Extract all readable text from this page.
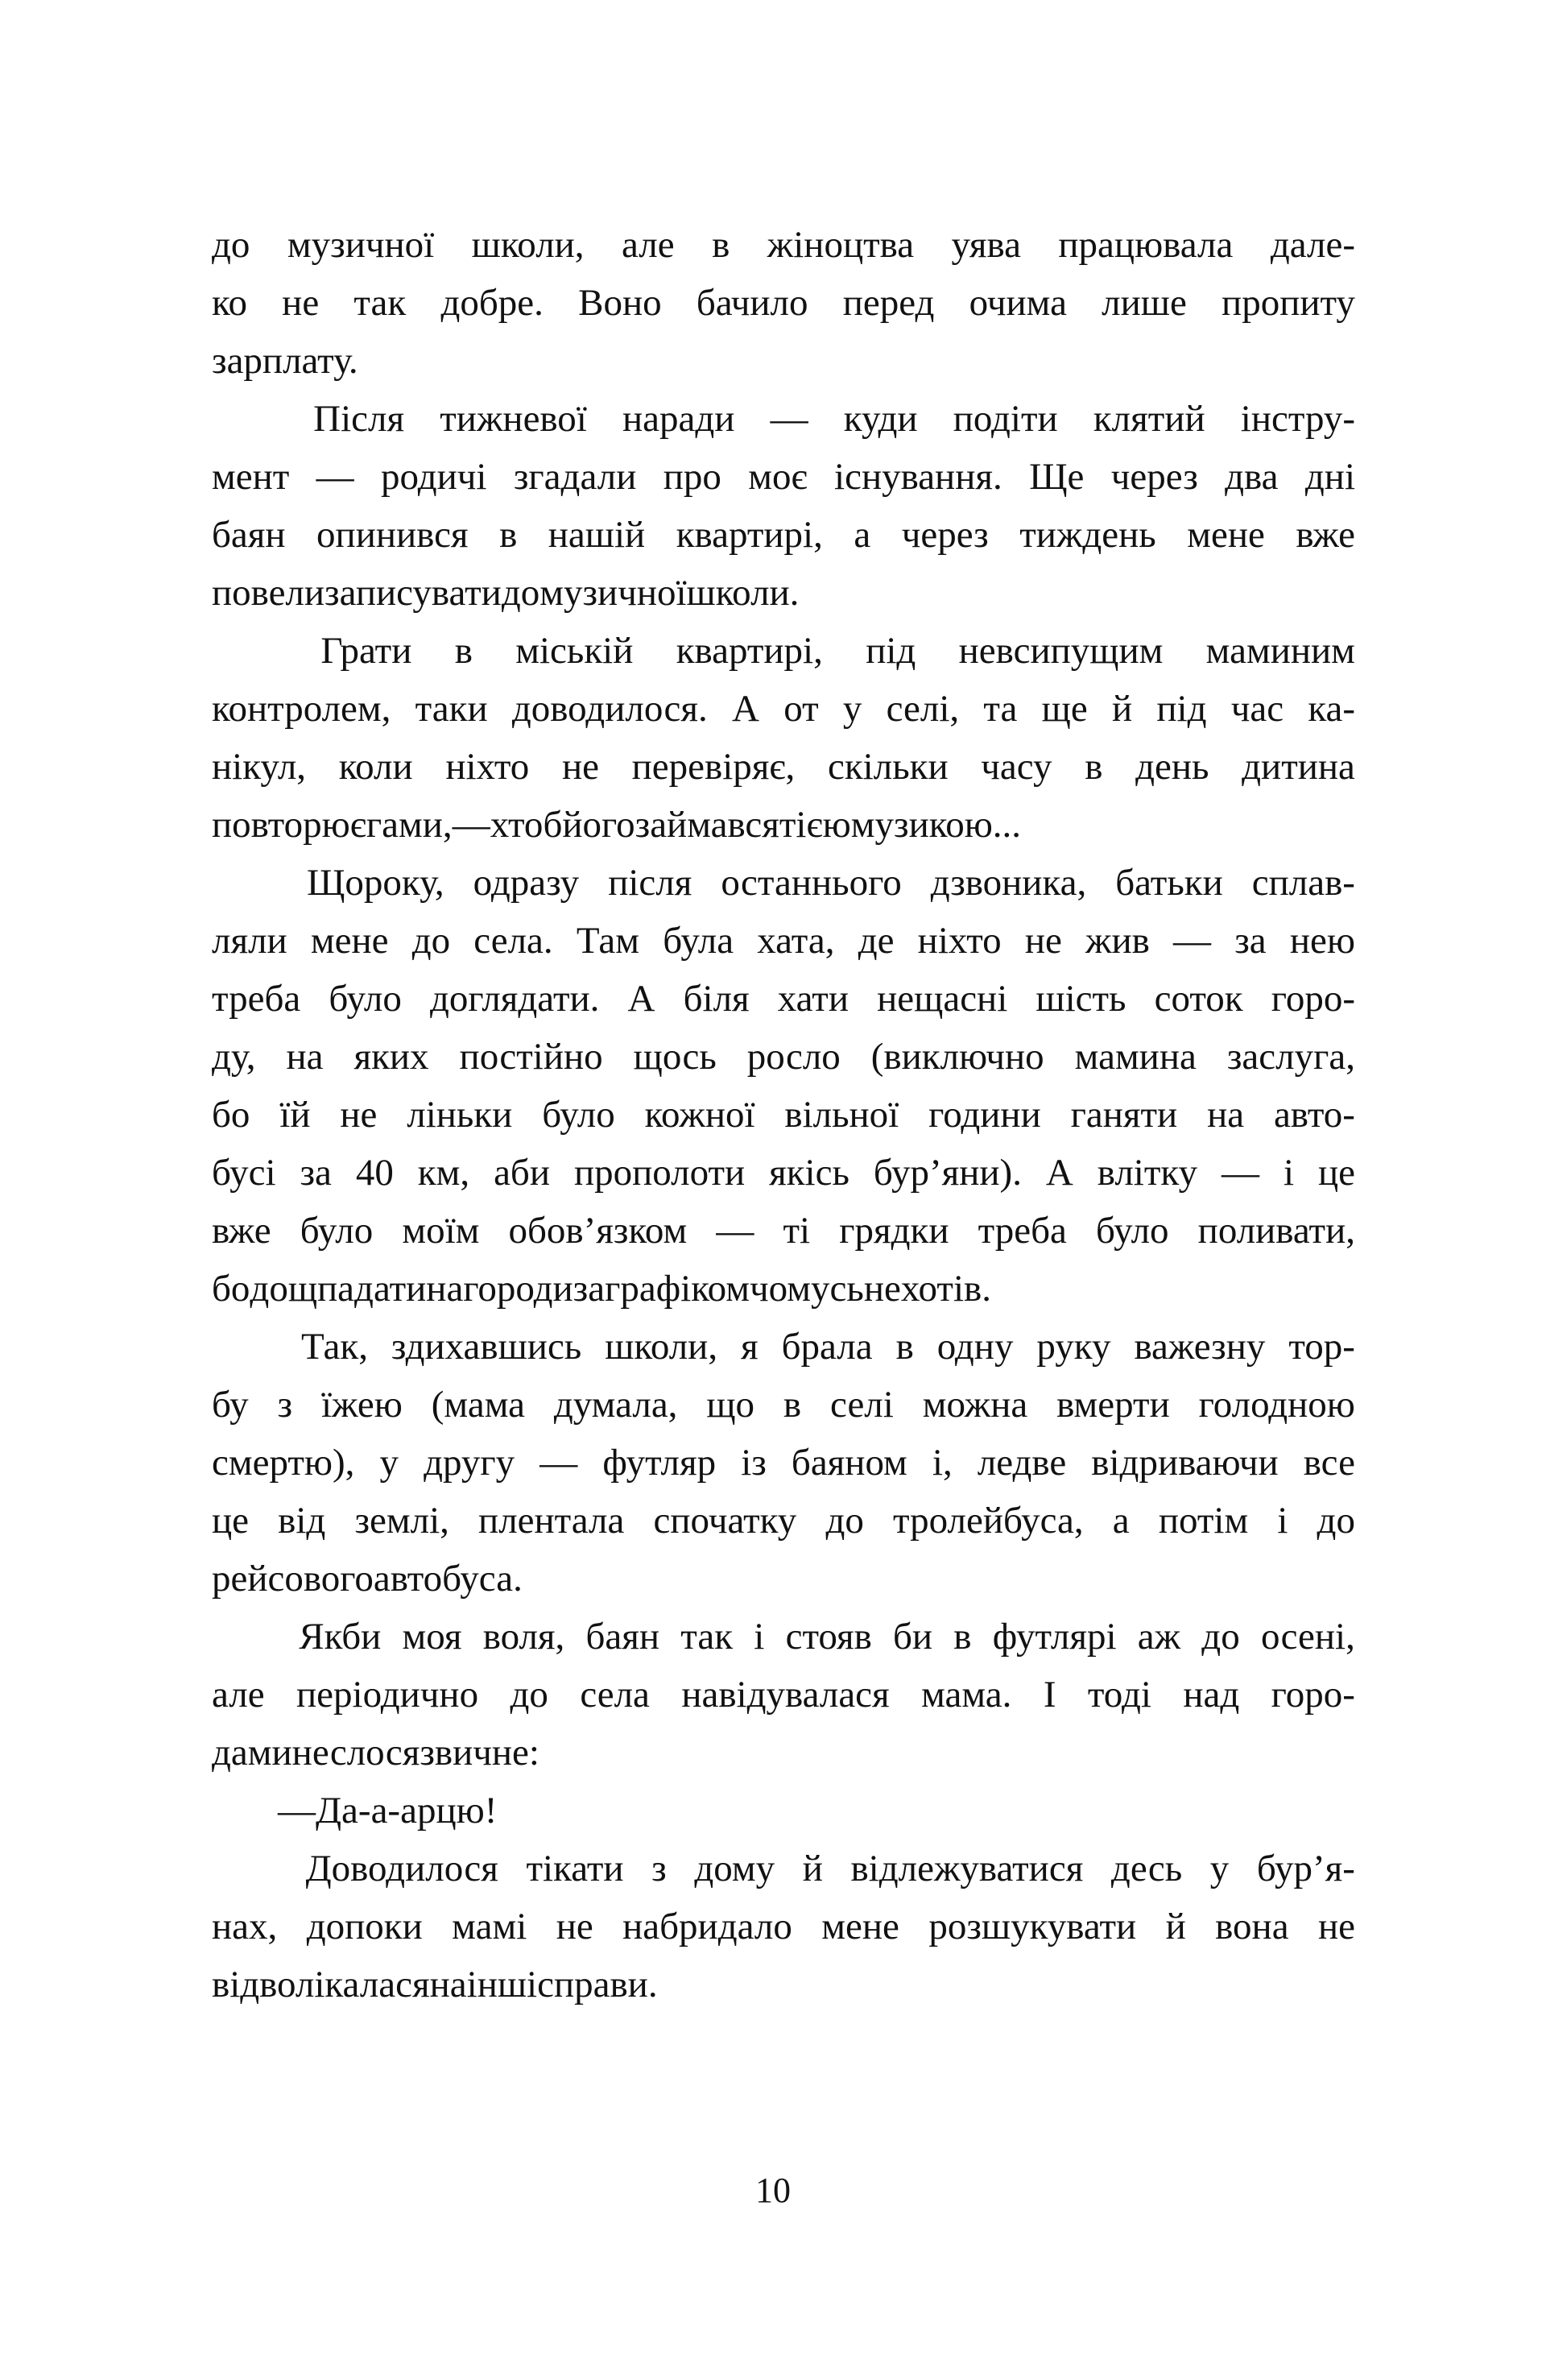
до музичної школи, але в жіноцтва уява працювала дале-
ко не так добре. Воно бачило перед очима лише пропиту
зарплату.
Після тижневої наради — куди подіти клятий інстру-
мент — родичі згадали про моє існування. Ще через два дні
баян опинився в нашій квартирі, а через тиждень мене вже
повели записувати до музичної школи.
Грати в міській квартирі, під невсипущим маминим
контролем, таки доводилося. А от у селі, та ще й під час ка-
нікул, коли ніхто не перевіряє, скільки часу в день дитина
повторює гами, — хто б його займався тією музикою...
Щороку, одразу після останнього дзвоника, батьки сплав-
ляли мене до села. Там була хата, де ніхто не жив — за нею
треба було доглядати. А біля хати нещасні шість соток горо-
ду, на яких постійно щось росло (виключно мамина заслуга,
бо їй не ліньки було кожної вільної години ганяти на авто-
бусі за 40 км, аби прополоти якісь бур’яни). А влітку — і це
вже було моїм обов’язком — ті грядки треба було поливати,
бо дощ падати на городи за графіком чомусь не хотів.
Так, здихавшись школи, я брала в одну руку важезну тор-
бу з їжею (мама думала, що в селі можна вмерти голодною
смертю), у другу — футляр із баяном і, ледве відриваючи все
це від землі, плентала спочатку до тролейбуса, а потім і до
рейсового автобуса.
Якби моя воля, баян так і стояв би в футлярі аж до осені,
але періодично до села навідувалася мама. І тоді над горо-
дами неслося звичне:
— Да-а-арцю!
Доводилося тікати з дому й відлежуватися десь у бур’я-
нах, допоки мамі не набридало мене розшукувати й вона не
відволікалася на інші справи.
10
